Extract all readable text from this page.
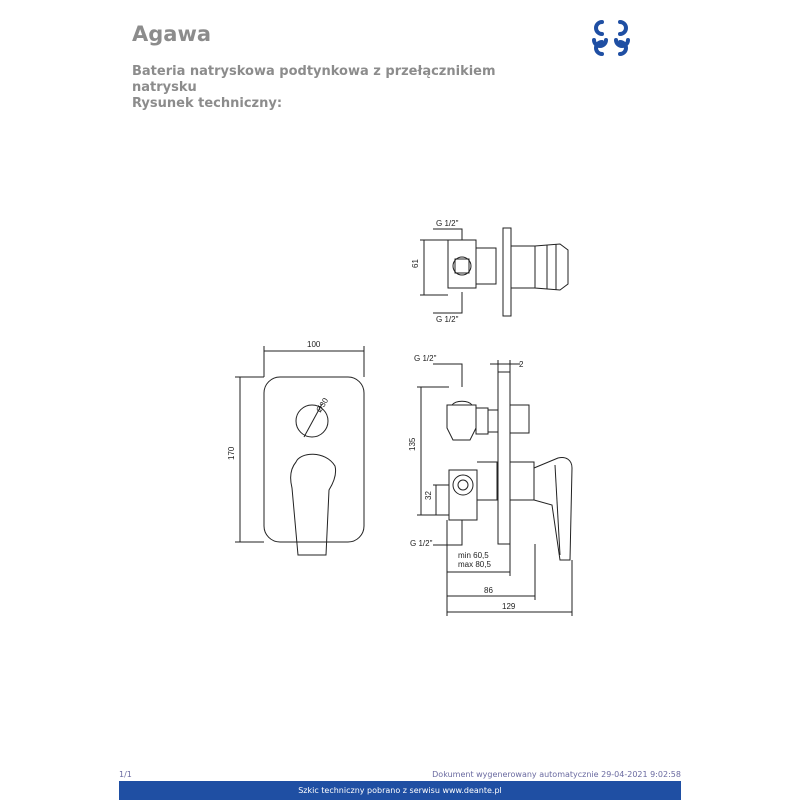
Agawa
Bateria natryskowa podtynkowa z przełącznikiem
natrysku
Rysunek techniczny:
G 1/2"
G 1/2"
61
100
170
Ø30
G 1/2"
G 1/2"
2
135
32
min 60,5
max 80,5
86
129
1/1	Dokument wygenerowany automatycznie 29-04-2021 9:02:58
Szkic techniczny pobrano z serwisu www.deante.pl
